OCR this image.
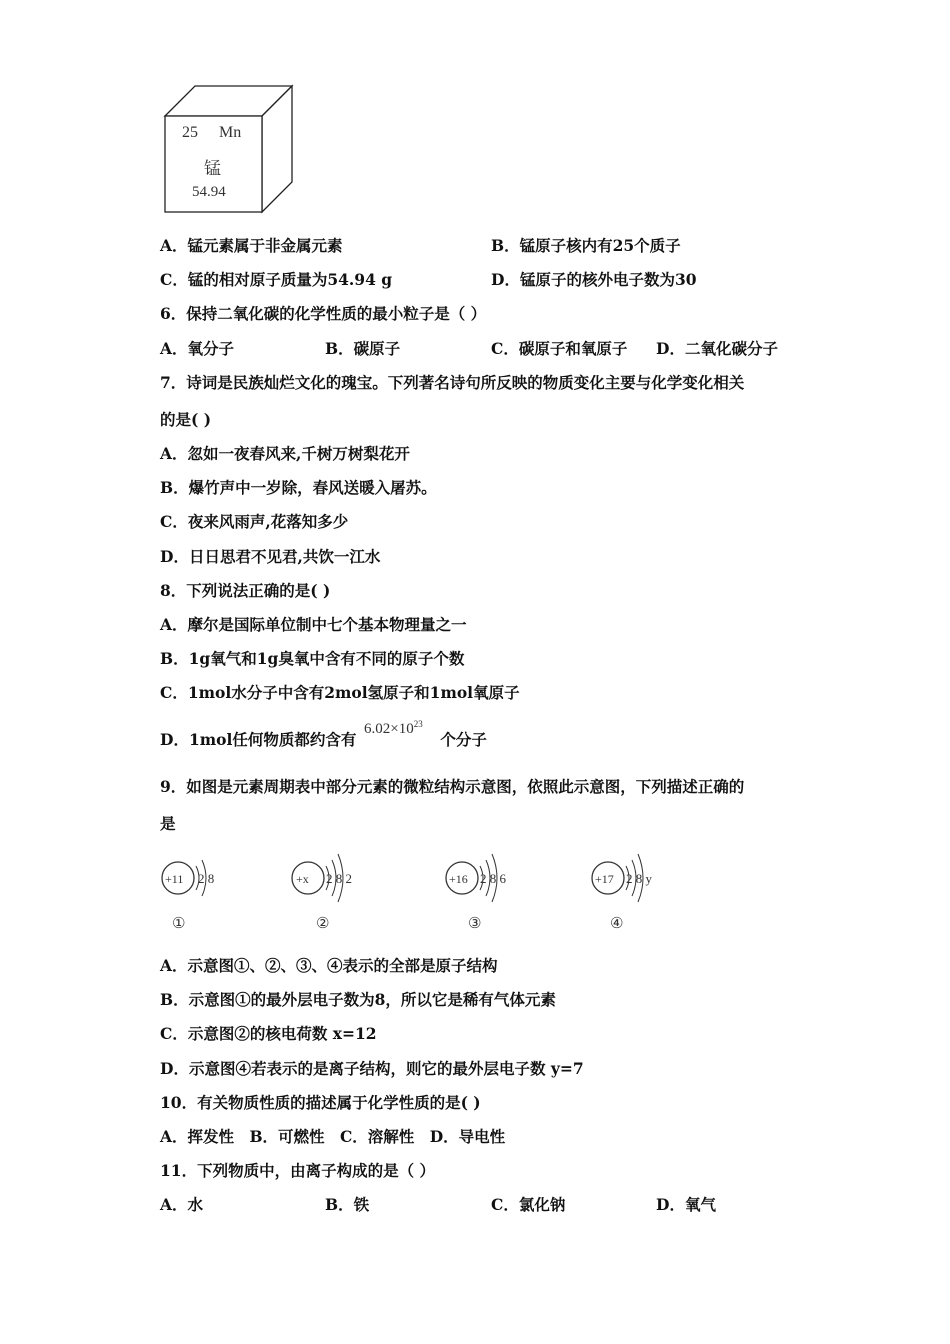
25 Mn
锰
54.94
A．锰元素属于非金属元素	B．锰原子核内有25个质子
C．锰的相对原子质量为54.94 g	D．锰原子的核外电子数为30
6．保持二氧化碳的化学性质的最小粒子是（ ）
A．氧分子	B．碳原子	C．碳原子和氧原子 D．二氧化碳分子
7．诗词是民族灿烂文化的瑰宝。下列著名诗句所反映的物质变化主要与化学变化相关
的是( )
A．忽如一夜春风来,千树万树梨花开
B．爆竹声中一岁除，春风送暖入屠苏。
C．夜来风雨声,花落知多少
D．日日思君不见君,共饮一江水
8．下列说法正确的是( )
A．摩尔是国际单位制中七个基本物理量之一
B．1g氧气和1g臭氧中含有不同的原子个数
C．1mol水分子中含有2mol氢原子和1mol氧原子
D．1mol任何物质都约含有	个分子
$6.02\times 10^{23}$
9．如图是元素周期表中部分元素的微粒结构示意图，依照此示意图，下列描述正确的
是
+11 2 8
①
+x 2 8 2
②
+16 2 8 6
③
+17 2 8 y
④
A．示意图①、②、③、④表示的全部是原子结构
B．示意图①的最外层电子数为8，所以它是稀有气体元素
C．示意图②的核电荷数 x=12
D．示意图④若表示的是离子结构，则它的最外层电子数 y=7
10．有关物质性质的描述属于化学性质的是( )
A．挥发性 B．可燃性 C．溶解性 D．导电性
11．下列物质中，由离子构成的是（ ）
A．水	B．铁	C．氯化钠	D．氧气
